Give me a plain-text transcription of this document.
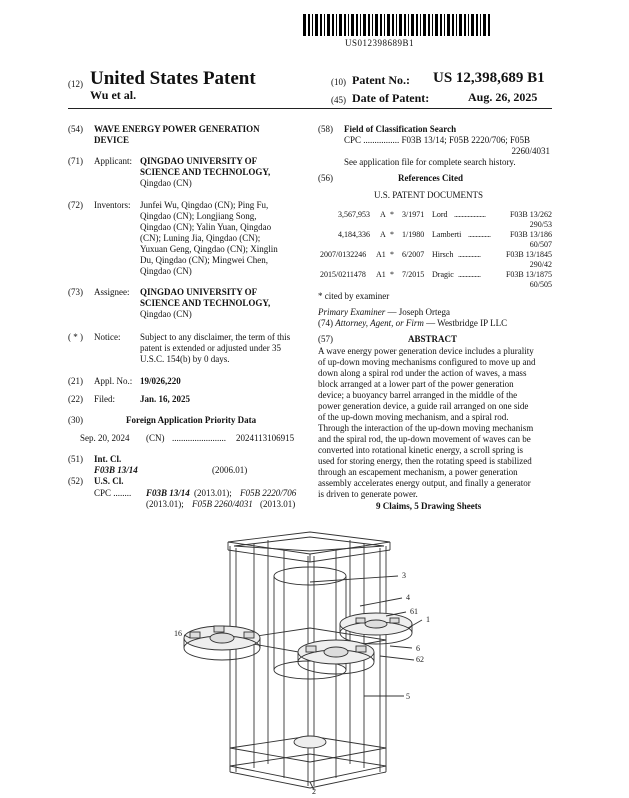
US012398689B1
(12) United States Patent
Wu et al.
(10) Patent No.: US 12,398,689 B1
(45) Date of Patent:	Aug. 26, 2025
(54)	WAVE ENERGY POWER GENERATION
DEVICE
(71)	Applicant: QINGDAO UNIVERSITY OF
SCIENCE AND TECHNOLOGY,
Qingdao (CN)
(72)	Inventors: Junfei Wu, Qingdao (CN); Ping Fu,
Qingdao (CN); Longjiang Song,
Qingdao (CN); Yalin Yuan, Qingdao
(CN); Luning Jia, Qingdao (CN);
Yuxuan Geng, Qingdao (CN); Xinglin
Du, Qingdao (CN); Mingwei Chen,
Qingdao (CN)
(73)	Assignee: QINGDAO UNIVERSITY OF
SCIENCE AND TECHNOLOGY,
Qingdao (CN)
( * )	Notice: Subject to any disclaimer, the term of this
patent is extended or adjusted under 35
U.S.C. 154(b) by 0 days.
(21)	Appl. No.: 19/026,220
(22)	Filed:	Jan. 16, 2025
(30)	Foreign Application Priority Data
Sep. 20, 2024 (CN) ........................ 2024113106915
(51)	Int. Cl.
F03B 13/14	(2006.01)
(52)	U.S. Cl.
CPC ........ F03B 13/14 (2013.01); F05B 2220/706
(2013.01); F05B 2260/4031 (2013.01)
(58) Field of Classification Search
CPC ................ F03B 13/14; F05B 2220/706; F05B
2260/4031
See application file for complete search history.
(56)	References Cited
U.S. PATENT DOCUMENTS
3,567,953 A * 3/1971 Lord .....................	F03B 13/262
290/53
4,184,336 A * 1/1980 Lamberti ............... F03B 13/186
60/507
2007/0132246 A1 * 6/2007 Hirsch ...............	F03B 13/1845
290/42
2015/0211478 A1 * 7/2015 Dragic ...............	F03B 13/1875
60/505
* cited by examiner
Primary Examiner — Joseph Ortega
(74) Attorney, Agent, or Firm — Westbridge IP LLC
(57)	ABSTRACT
A wave energy power generation device includes a plurality
of up-down moving mechanisms configured to move up and
down along a spiral rod under the action of waves, a mass
block arranged at a lower part of the power generation
device; a buoyancy barrel arranged in the middle of the
power generation device, a guide rail arranged on one side
of the up-down moving mechanism, and a spiral rod.
Through the interaction of the up-down moving mechanism
and the spiral rod, the up-down movement of waves can be
converted into rotational kinetic energy, a scroll spring is
used for storing energy, then the rotating speed is stabilized
through an escapement mechanism, a power generation
assembly accelerates energy output, and finally a generator
is driven to generate power.
9 Claims, 5 Drawing Sheets
3
4
61
1
16
6
62
5
2
